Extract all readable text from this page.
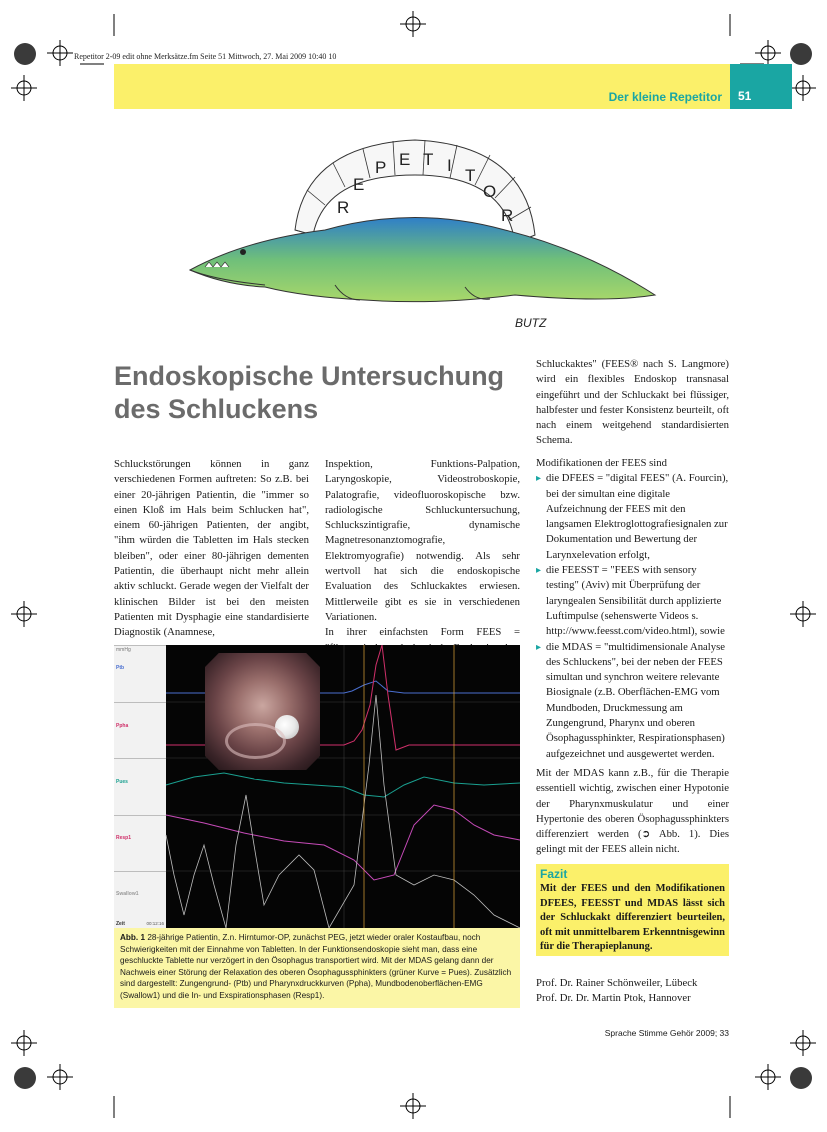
Repetitor 2-09 edit ohne Merksätze.fm Seite 51 Mittwoch, 27. Mai 2009 10:40 10
Der kleine Repetitor 51
R E P E T I T O R
BUTZ
Endoskopische Untersuchung des Schluckens

Schluckstörungen können in ganz verschiedenen Formen auftreten: So z.B. bei einer 20-jährigen Patientin, die "immer so einen Kloß im Hals beim Schlucken hat", einem 60-jährigen Patienten, der angibt, "ihm würden die Tabletten im Hals stecken bleiben", oder einer 80-jährigen dementen Patientin, die überhaupt nicht mehr allein aktiv schluckt. Gerade wegen der Vielfalt der klinischen Bilder ist bei den meisten Patienten mit Dysphagie eine standardisierte Diagnostik (Anamnese,

Inspektion, Funktions-Palpation, Laryngoskopie, Videostroboskopie, Palatografie, videofluoroskopische bzw. radiologische Schluckuntersuchung, Schluckszintigrafie, dynamische Magnetresonanztomografie, Elektromyografie) notwendig. Als sehr wertvoll hat sich die endoskopische Evaluation des Schluckaktes erwiesen. Mittlerweile gibt es sie in verschiedenen Variationen.

In ihrer einfachsten Form FEES =

Schluckaktes" (FEES® nach S. Langmore) wird ein flexibles Endoskop transnasal eingeführt und der Schluckakt bei flüssiger, halbfester und fester Konsistenz beurteilt, oft nach einem weitgehend standardisierten Schema.

Modifikationen der FEES sind

▸ die DFEES = "digital FEES" (A. Fourcin), bei der simultan eine digitale Aufzeichnung der FEES mit den langsamen Elektroglottografiesignalen zur Dokumentation und Bewertung der Larynxelevation erfolgt,
▸ die FEESST = "FEES with sensory testing" (Aviv) mit Überprüfung der laryngealen Sensibilität durch applizierte Luftimpulse (sehenswerte Videos s. http://www.feesst.com/video.html), sowie
▸ die MDAS = "multidimensionale Analyse des Schluckens", bei der neben der FEES simultan und synchron weitere relevante Biosignale (z.B. Oberflächen-EMG vom Mundboden, Druckmessung am Zungengrund, Pharynx und oberen Ösophagussphinkter, Respirationsphasen) aufgezeichnet und ausgewertet werden.

Mit der MDAS kann z.B., für die Therapie essentiell wichtig, zwischen einer Hypotonie der Pharynxmuskulatur und einer Hypertonie des oberen Ösophagussphinkters differenziert werden (➲ Abb. 1). Dies gelingt mit der FEES allein nicht.

Ptb
Ppha
Pues
Resp1
Swallow1
Zeit
mmHg
00:12:16
Abb. 1 28-jährige Patientin, Z.n. Hirntumor-OP, zunächst PEG, jetzt wieder oraler Kostaufbau, noch Schwierigkeiten mit der Einnahme von Tabletten. In der Funktionsendoskopie sieht man, dass eine geschluckte Tablette nur verzögert in den Ösophagus transportiert wird. Mit der MDAS gelang dann der Nachweis einer Störung der Relaxation des oberen Ösophagussphinkters (grüner Kurve = Pues). Zusätzlich sind dargestellt: Zungengrund- (Ptb) und Pharynxdruckkurven (Ppha), Mundbodenoberflächen-EMG (Swallow1) und die In- und Exspirationsphasen (Resp1).
Fazit
Mit der FEES und den Modifikationen DFEES, FEESST und MDAS lässt sich der Schluckakt differenziert beurteilen, oft mit unmittelbarem Erkenntnisgewinn für die Therapieplanung.
Prof. Dr. Rainer Schönweiler, Lübeck
Prof. Dr. Dr. Martin Ptok, Hannover
Sprache Stimme Gehör 2009; 33
